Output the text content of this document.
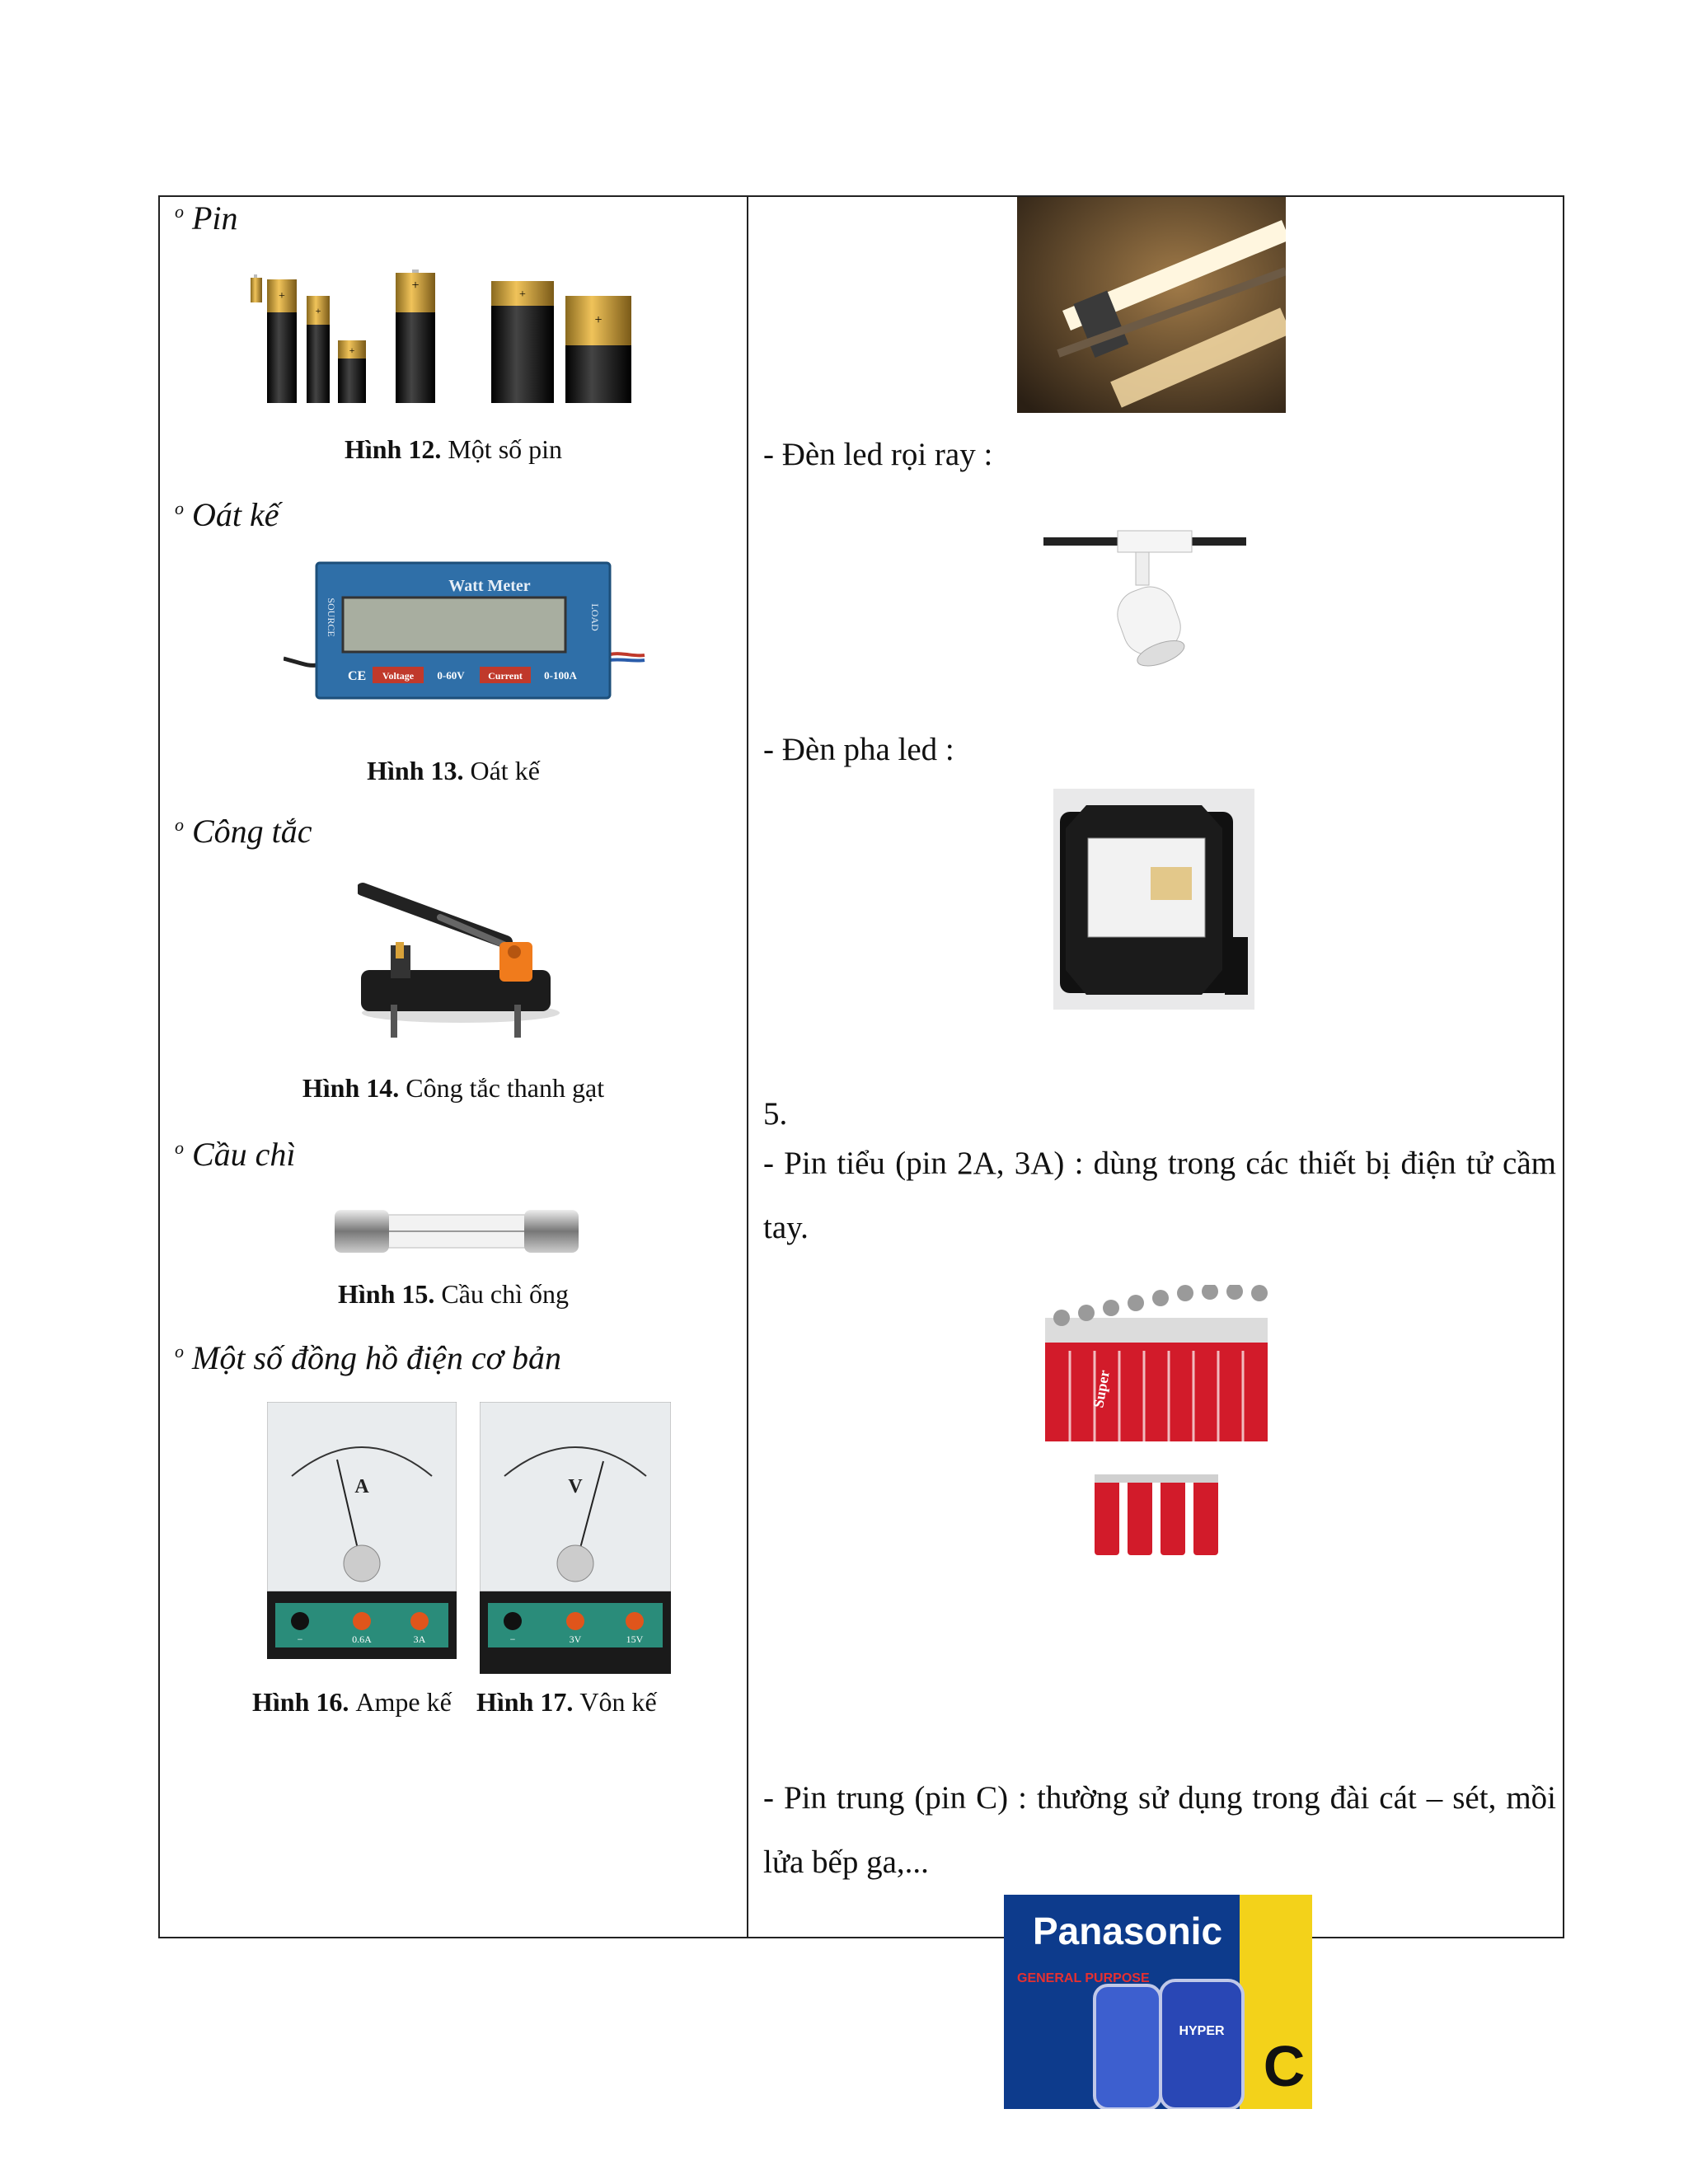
$^o$ Pin
+
+
+
+
+
+
Hình 12. Một số pin
$^o$ Oát kế
Watt Meter
SOURCE	LOAD
CE Voltage 0-60V Current 0-100A
Hình 13. Oát kế
$^o$ Công tắc
Hình 14. Công tắc thanh gạt
$^o$ Cầu chì
Hình 15. Cầu chì ống
$^o$ Một số đồng hồ điện cơ bản
A
−	0.6A	3A
V
−	3V	15V
Hình 16. Ampe kế Hình 17. Vôn kế
- Đèn led rọi ray :
- Đèn pha led :
5.
- Pin tiểu (pin 2A, 3A) : dùng trong các thiết bị điện tử cầm tay.
Super
- Pin trung (pin C) : thường sử dụng trong đài cát – sét, mồi lửa bếp ga,...
Panasonic
GENERAL PURPOSE
HYPER
C
